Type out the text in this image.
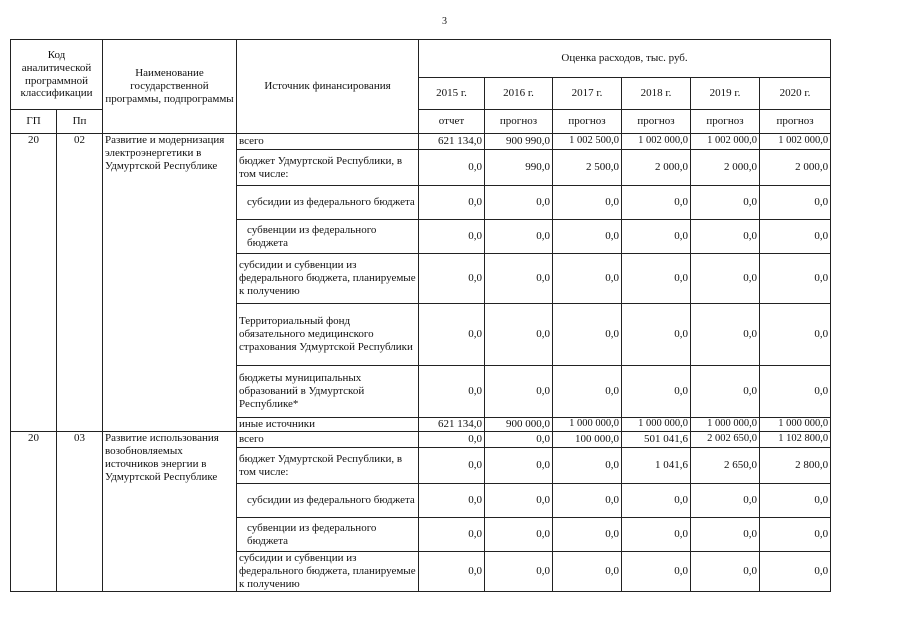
3
Код аналитической программной классификации		Наименование государственной программы, подпрограммы	Источник финансирования	Оценка расходов, тыс. руб.					
				2015 г.	2016 г.	2017 г.	2018 г.	2019 г.	2020 г.
ГП	Пп			отчет	прогноз	прогноз	прогноз	прогноз	прогноз
20	02	Развитие и модернизация электроэнергетики в Удмуртской Республике	всего	621 134,0	900 990,0	1 002 500,0	1 002 000,0	1 002 000,0	1 002 000,0
			бюджет Удмуртской Республики, в том числе:	0,0	990,0	2 500,0	2 000,0	2 000,0	2 000,0
			субсидии из федерального бюджета	0,0	0,0	0,0	0,0	0,0	0,0
			субвенции из федерального бюджета	0,0	0,0	0,0	0,0	0,0	0,0
			субсидии и субвенции из федерального бюджета, планируемые к получению	0,0	0,0	0,0	0,0	0,0	0,0
			Территориальный фонд обязательного медицинского страхования Удмуртской Республики	0,0	0,0	0,0	0,0	0,0	0,0
			бюджеты муниципальных образований в Удмуртской Республике*	0,0	0,0	0,0	0,0	0,0	0,0
			иные источники	621 134,0	900 000,0	1 000 000,0	1 000 000,0	1 000 000,0	1 000 000,0
20	03	Развитие использования возобновляемых источников энергии в Удмуртской Республике	всего	0,0	0,0	100 000,0	501 041,6	2 002 650,0	1 102 800,0
			бюджет Удмуртской Республики, в том числе:	0,0	0,0	0,0	1 041,6	2 650,0	2 800,0
			субсидии из федерального бюджета	0,0	0,0	0,0	0,0	0,0	0,0
			субвенции из федерального бюджета	0,0	0,0	0,0	0,0	0,0	0,0
			субсидии и субвенции из федерального бюджета, планируемые к получению	0,0	0,0	0,0	0,0	0,0	0,0
